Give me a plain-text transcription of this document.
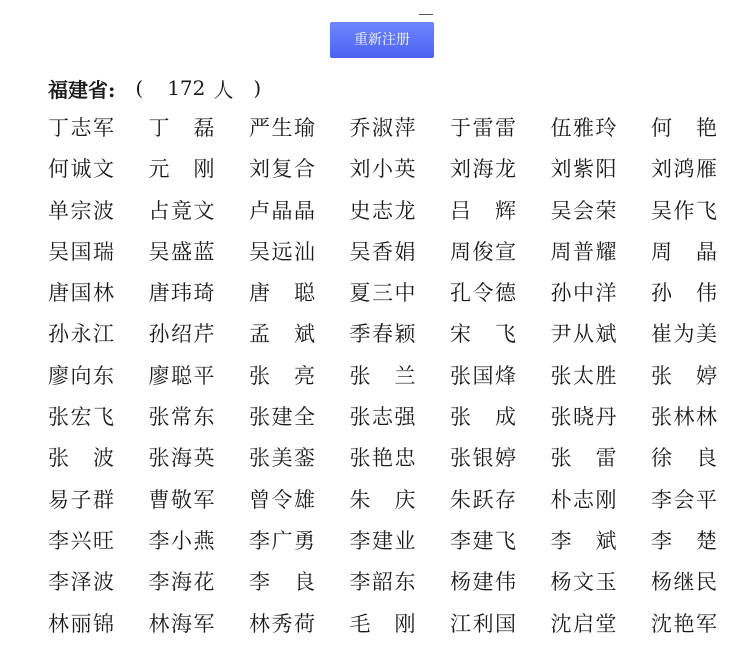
重新注册
福建省: ( 172 人 )
丁志军 丁 磊 严生瑜 乔淑萍 于雷雷 伍雅玲 何 艳
何诚文 元 刚 刘复合 刘小英 刘海龙 刘紫阳 刘鸿雁
单宗波 占竟文 卢晶晶 史志龙 吕 辉 吴会荣 吴作飞
吴国瑞 吴盛蓝 吴远汕 吴香娟 周俊宣 周普耀 周 晶
唐国林 唐玮琦 唐 聪 夏三中 孔令德 孙中洋 孙 伟
孙永江 孙绍芹 孟 斌 季春颖 宋 飞 尹从斌 崔为美
廖向东 廖聪平 张 亮 张 兰 张国烽 张太胜 张 婷
张宏飞 张常东 张建全 张志强 张 成 张晓丹 张林林
张 波 张海英 张美銮 张艳忠 张银婷 张 雷 徐 良
易子群 曹敬军 曾令雄 朱 庆 朱跃存 朴志刚 李会平
李兴旺 李小燕 李广勇 李建业 李建飞 李 斌 李 楚
李泽波 李海花 李 良 李韶东 杨建伟 杨文玉 杨继民
林丽锦 林海军 林秀荷 毛 刚 江利国 沈启堂 沈艳军
